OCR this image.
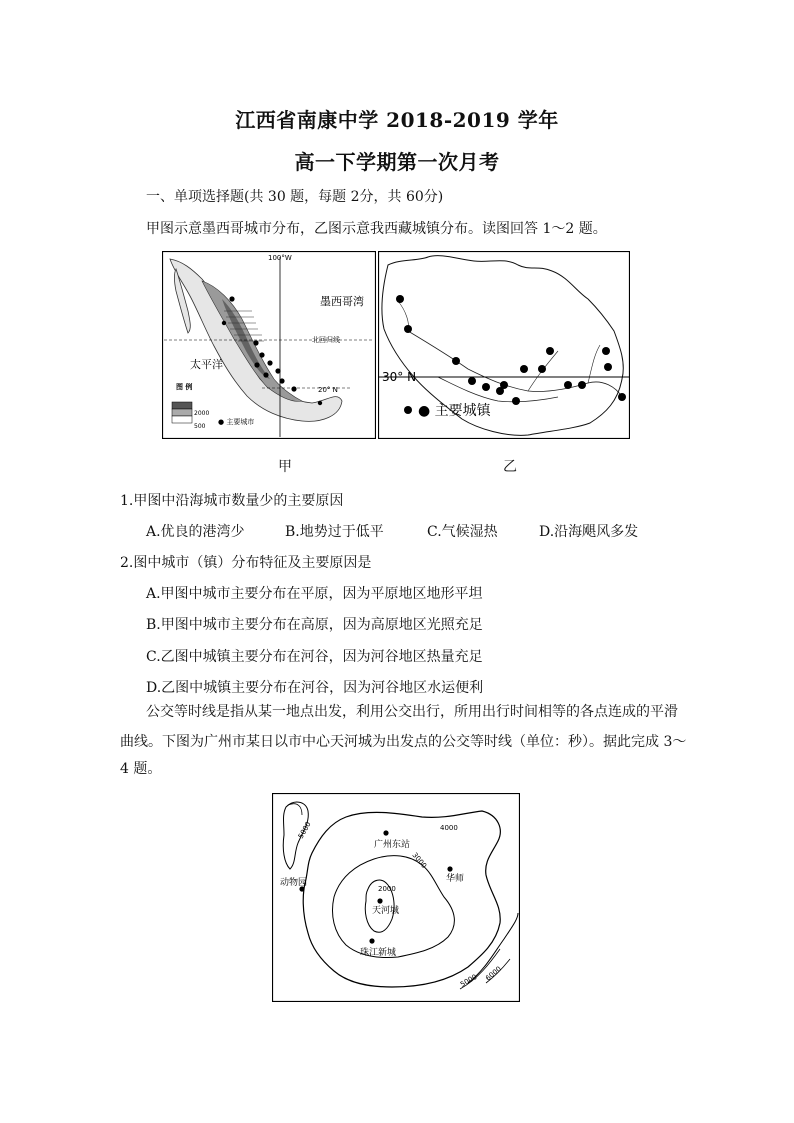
江西省南康中学 2018-2019 学年
高一下学期第一次月考
一、单项选择题(共 30 题，每题 2分，共 60分)
甲图示意墨西哥城市分布，乙图示意我西藏城镇分布。读图回答 1～2 题。
100°W
北回归线
20° N
墨西哥湾
太平洋
图 例
2000
500
● 主要城市
30° N
● 主要城镇
甲	乙
1.甲图中沿海城市数量少的主要原因
A.优良的港湾少	B.地势过于低平	C.气候湿热	D.沿海飓风多发
2.图中城市（镇）分布特征及主要原因是
A.甲图中城市主要分布在平原，因为平原地区地形平坦
B.甲图中城市主要分布在高原，因为高原地区光照充足
C.乙图中城镇主要分布在河谷，因为河谷地区热量充足
D.乙图中城镇主要分布在河谷，因为河谷地区水运便利
公交等时线是指从某一地点出发，利用公交出行，所用出行时间相等的各点连成的平滑
曲线。下图为广州市某日以市中心天河城为出发点的公交等时线（单位：秒）。据此完成 3～
4 题。
5000	4000
3000
2000
5000 6000
广州东站
动物园	华师
天河城
珠江新城
